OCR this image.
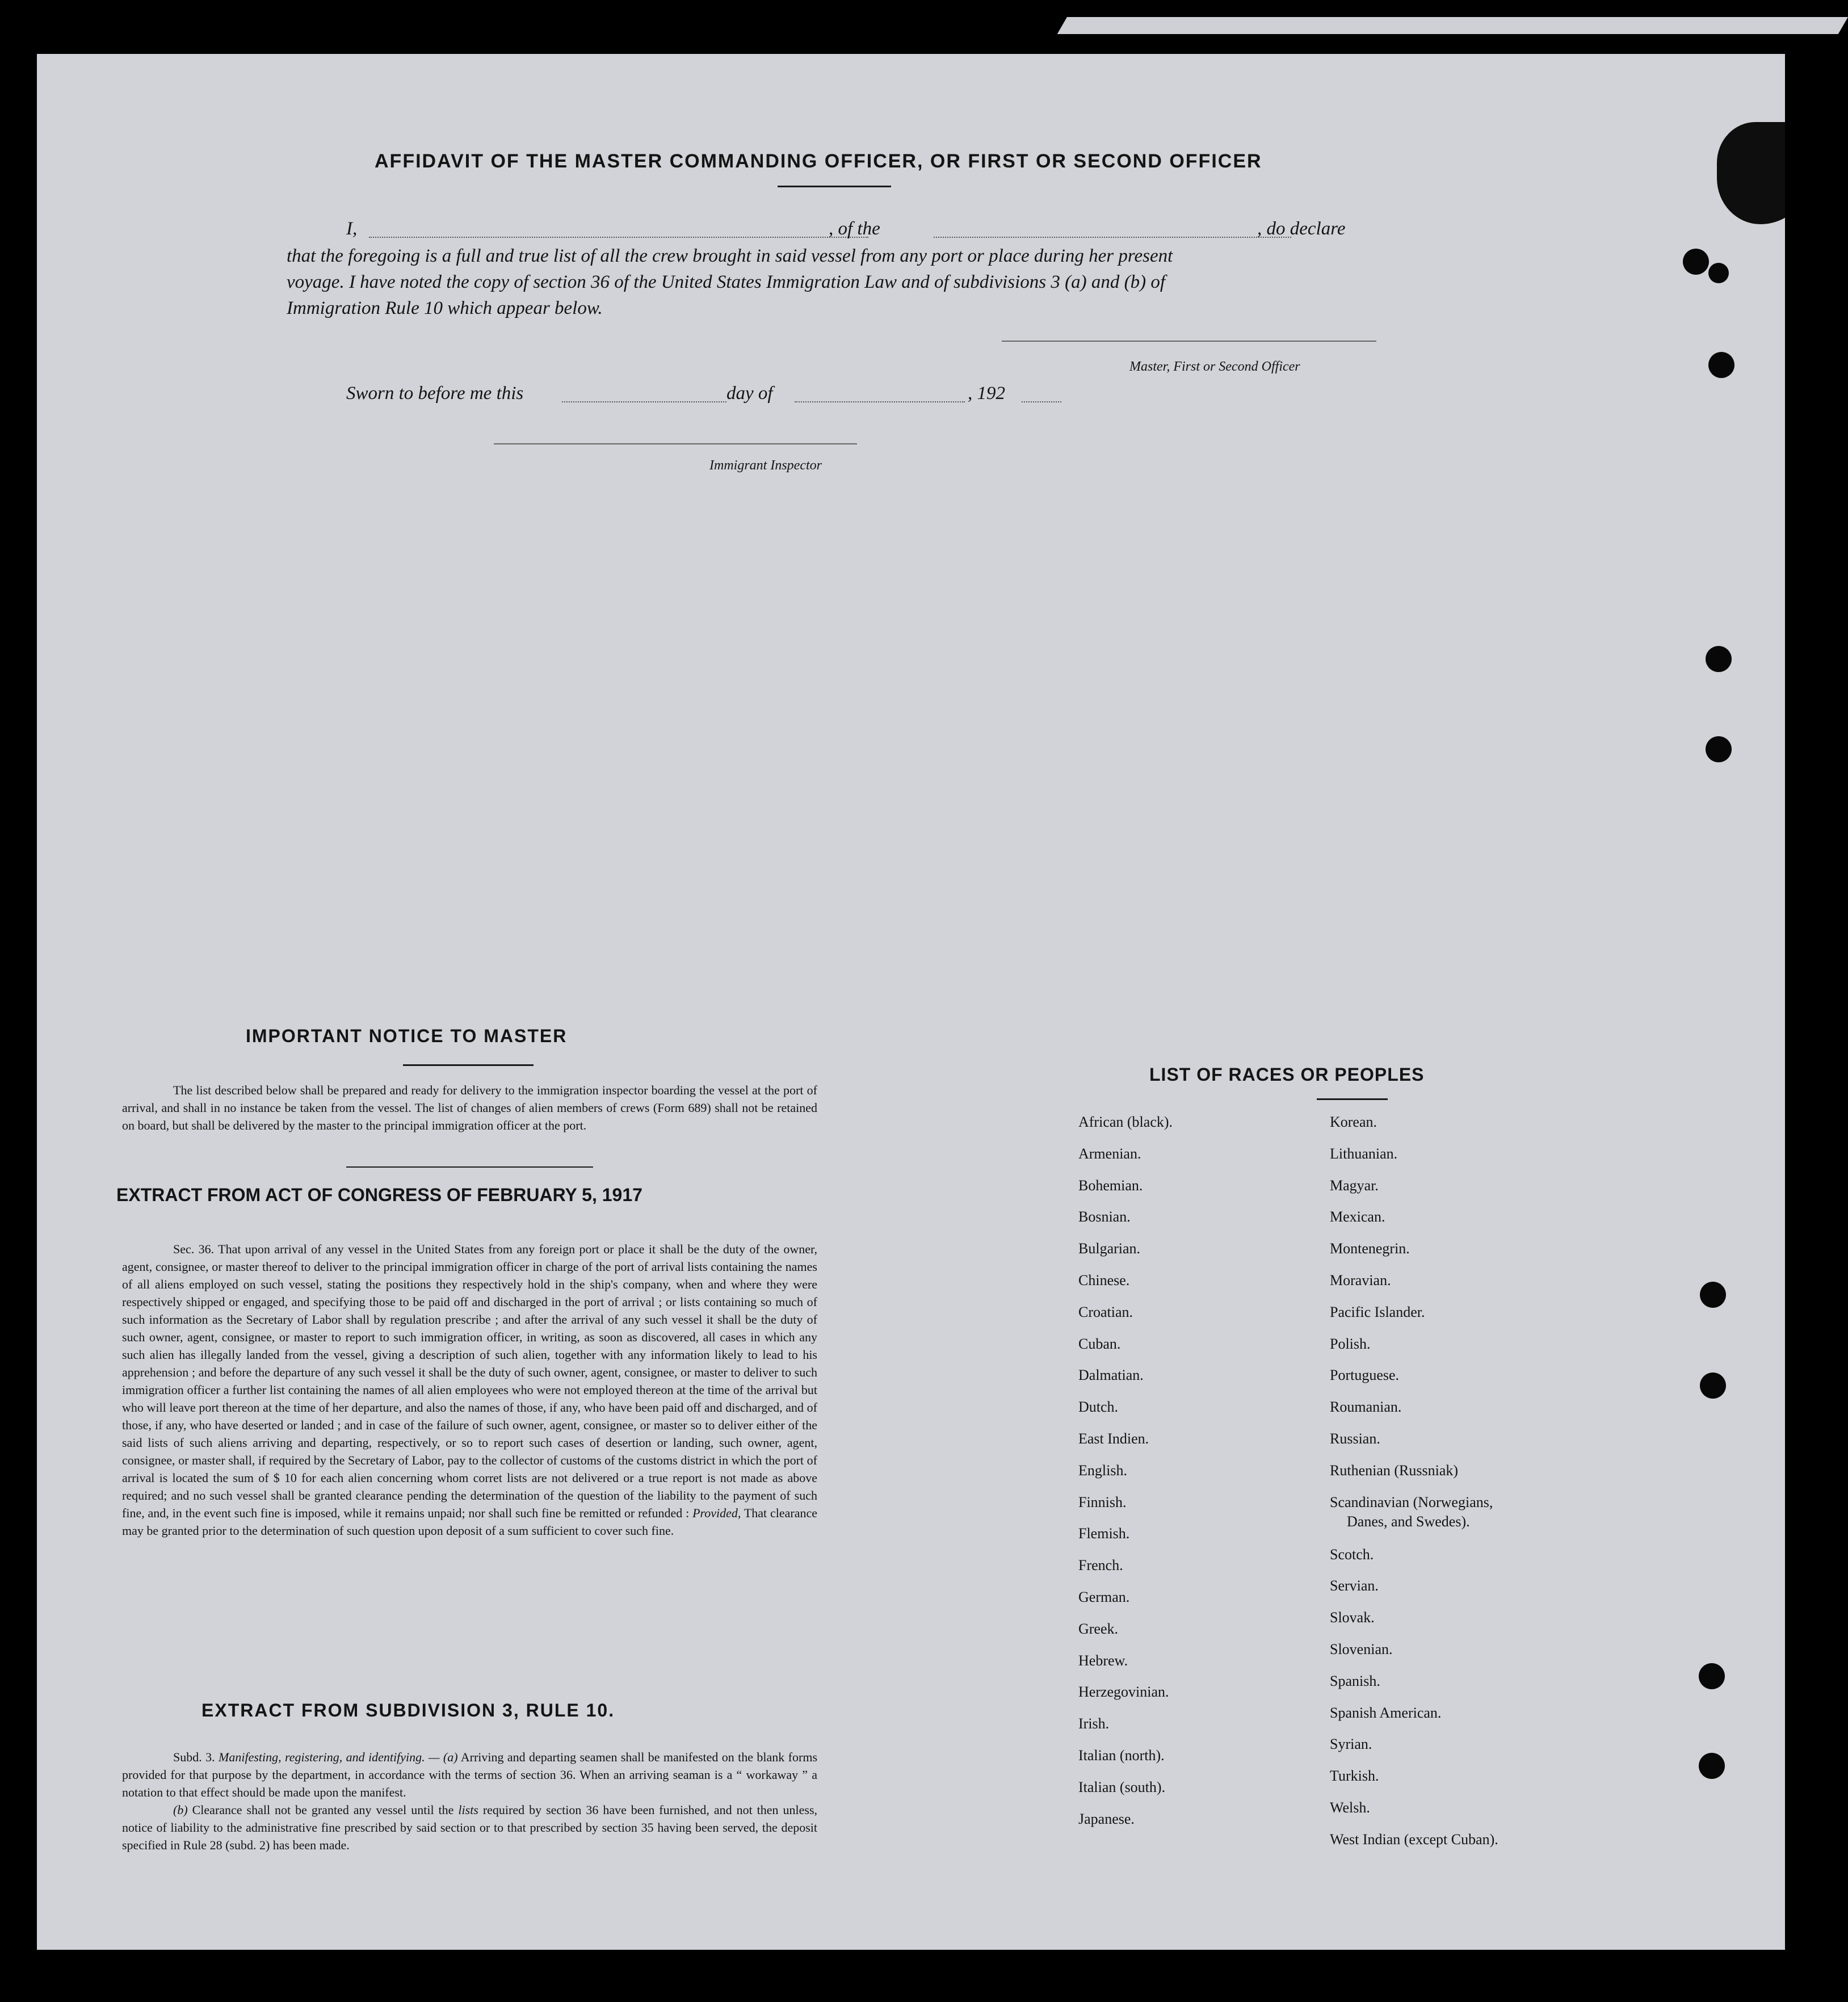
AFFIDAVIT OF THE MASTER COMMANDING OFFICER, OR FIRST OR SECOND OFFICER
I,	, of the	, do declare
that the foregoing is a full and true list of all the crew brought in said vessel from any port or place during her present
voyage. I have noted the copy of section 36 of the United States Immigration Law and of subdivisions 3 (a) and (b) of
Immigration Rule 10 which appear below.
Master, First or Second Officer
Sworn to before me this	day of	, 192
Immigrant Inspector
IMPORTANT NOTICE TO MASTER

The list described below shall be prepared and ready for delivery to the immigration inspector boarding the vessel at the port of arrival, and shall in no instance be taken from the vessel. The list of changes of alien members of crews (Form 689) shall not be retained on board, but shall be delivered by the master to the principal immigration officer at the port.

EXTRACT FROM ACT OF CONGRESS OF FEBRUARY 5, 1917

Sec. 36. That upon arrival of any vessel in the United States from any foreign port or place it shall be the duty of the owner, agent, consignee, or master thereof to deliver to the principal immigration officer in charge of the port of arrival lists containing the names of all aliens employed on such vessel, stating the positions they respectively hold in the ship's company, when and where they were respectively shipped or engaged, and specifying those to be paid off and discharged in the port of arrival ; or lists containing so much of such information as the Secretary of Labor shall by regulation prescribe ; and after the arrival of any such vessel it shall be the duty of such owner, agent, consignee, or master to report to such immigration officer, in writing, as soon as discovered, all cases in which any such alien has illegally landed from the vessel, giving a description of such alien, together with any information likely to lead to his apprehension ; and before the departure of any such vessel it shall be the duty of such owner, agent, consignee, or master to deliver to such immigration officer a further list containing the names of all alien employees who were not employed thereon at the time of the arrival but who will leave port thereon at the time of her departure, and also the names of those, if any, who have been paid off and discharged, and of those, if any, who have deserted or landed ; and in case of the failure of such owner, agent, consignee, or master so to deliver either of the said lists of such aliens arriving and departing, respectively, or so to report such cases of desertion or landing, such owner, agent, consignee, or master shall, if required by the Secretary of Labor, pay to the collector of customs of the customs district in which the port of arrival is located the sum of $ 10 for each alien concerning whom corret lists are not delivered or a true report is not made as above required; and no such vessel shall be granted clearance pending the determination of the question of the liability to the payment of such fine, and, in the event such fine is imposed, while it remains unpaid; nor shall such fine be remitted or refunded : Provided, That clearance may be granted prior to the determination of such question upon deposit of a sum sufficient to cover such fine.

EXTRACT FROM SUBDIVISION 3, RULE 10.

Subd. 3. Manifesting, registering, and identifying. — (a) Arriving and departing seamen shall be manifested on the blank forms provided for that purpose by the department, in accordance with the terms of section 36. When an arriving seaman is a “ workaway ” a notation to that effect should be made upon the manifest.

(b) Clearance shall not be granted any vessel until the lists required by section 36 have been furnished, and not then unless, notice of liability to the administrative fine prescribed by said section or to that prescribed by section 35 having been served, the deposit specified in Rule 28 (subd. 2) has been made.

LIST OF RACES OR PEOPLES
African (black).
Armenian.
Bohemian.
Bosnian.
Bulgarian.
Chinese.
Croatian.
Cuban.
Dalmatian.
Dutch.
East Indien.
English.
Finnish.
Flemish.
French.
German.
Greek.
Hebrew.
Herzegovinian.
Irish.
Italian (north).
Italian (south).
Japanese.
Korean.
Lithuanian.
Magyar.
Mexican.
Montenegrin.
Moravian.
Pacific Islander.
Polish.
Portuguese.
Roumanian.
Russian.
Ruthenian (Russniak)
Scandinavian (Norwegians,
Danes, and Swedes).
Scotch.
Servian.
Slovak.
Slovenian.
Spanish.
Spanish American.
Syrian.
Turkish.
Welsh.
West Indian (except Cuban).
